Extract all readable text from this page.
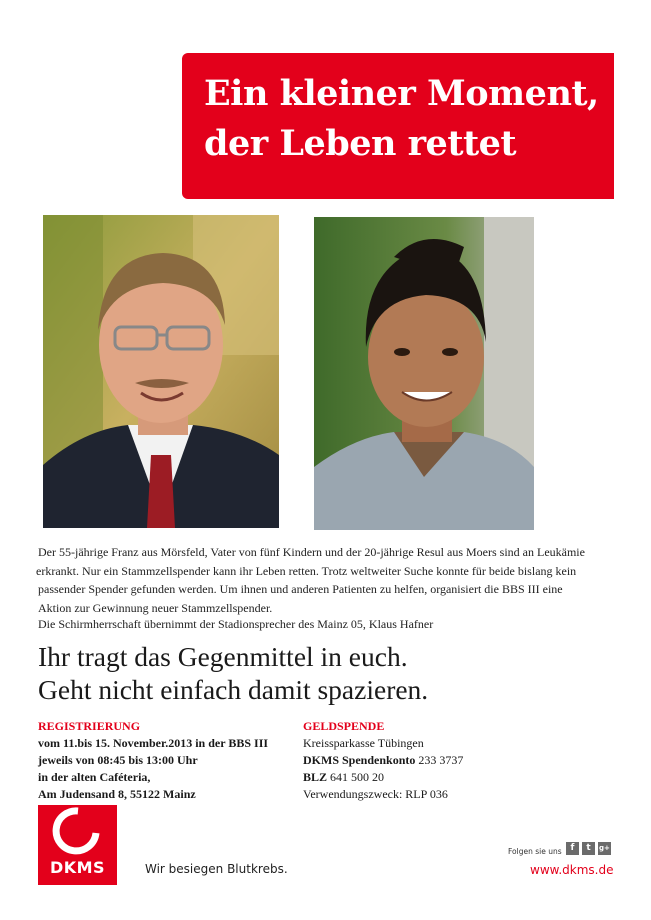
Ein kleiner Moment,
der Leben rettet

Der 55-jährige Franz aus Mörsfeld, Vater von fünf Kindern und der 20-jährige Resul aus Moers sind an Leukämie

erkrankt. Nur ein Stammzellspender kann ihr Leben retten. Trotz weltweiter Suche konnte für beide bislang kein

passender Spender gefunden werden. Um ihnen und anderen Patienten zu helfen, organisiert die BBS III eine

Aktion zur Gewinnung neuer Stammzellspender.

Die Schirmherrschaft übernimmt der Stadionsprecher des Mainz 05, Klaus Hafner

Ihr tragt das Gegenmittel in euch.

Geht nicht einfach damit spazieren.

REGISTRIERUNG

vom 11.bis 15. November.2013 in der BBS III

jeweils von 08:45 bis 13:00 Uhr

in der alten Caféteria,

Am Judensand 8, 55122 Mainz

GELDSPENDE

Kreissparkasse Tübingen

DKMS Spendenkonto 233 3737

BLZ 641 500 20

Verwendungszweck: RLP 036

DKMS	Wir besiegen Blutkrebs.
Folgen sie uns f	t	g+
www.dkms.de
